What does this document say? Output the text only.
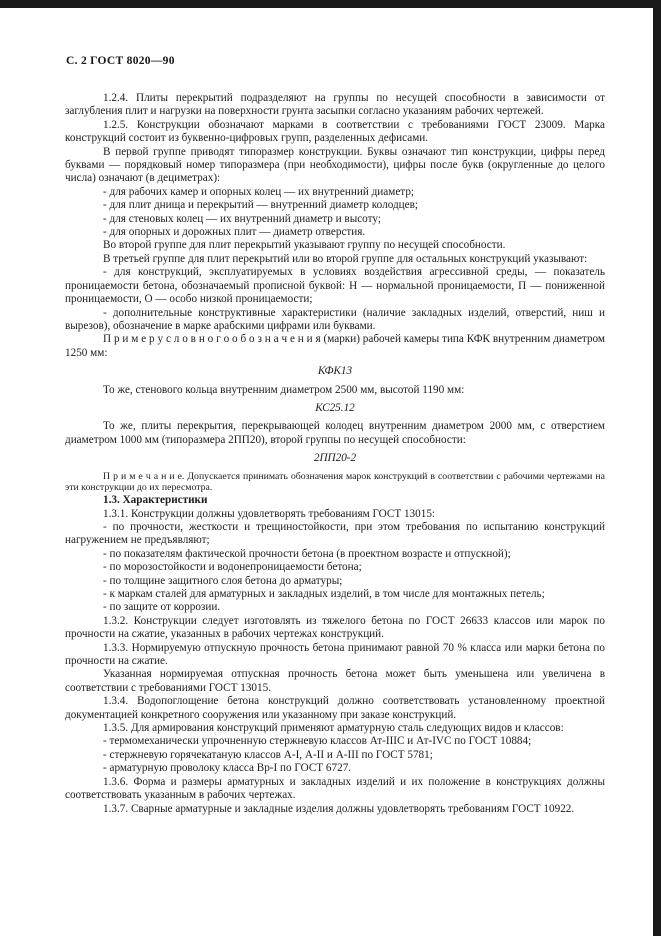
С. 2 ГОСТ 8020—90

1.2.4. Плиты перекрытий подразделяют на группы по несущей способности в зависимости от заглубления плит и нагрузки на поверхности грунта засыпки согласно указаниям рабочих чертежей.

1.2.5. Конструкции обозначают марками в соответствии с требованиями ГОСТ 23009. Марка конструкций состоит из буквенно-цифровых групп, разделенных дефисами.

В первой группе приводят типоразмер конструкции. Буквы означают тип конструкции, цифры перед буквами — порядковый номер типоразмера (при необходимости), цифры после букв (округленные до целого числа) означают (в дециметрах):

- для рабочих камер и опорных колец — их внутренний диаметр;

- для плит днища и перекрытий — внутренний диаметр колодцев;

- для стеновых колец — их внутренний диаметр и высоту;

- для опорных и дорожных плит — диаметр отверстия.

Во второй группе для плит перекрытий указывают группу по несущей способности.

В третьей группе для плит перекрытий или во второй группе для остальных конструкций указывают:

- для конструкций, эксплуатируемых в условиях воздействия агрессивной среды, — показатель проницаемости бетона, обозначаемый прописной буквой: Н — нормальной проницаемости, П — пониженной проницаемости, О — особо низкой проницаемости;

- дополнительные конструктивные характеристики (наличие закладных изделий, отверстий, ниш и вырезов), обозначение в марке арабскими цифрами или буквами.

П р и м е р у с л о в н о г о о б о з н а ч е н и я (марки) рабочей камеры типа КФК внутренним диаметром 1250 мм:

КФК13

То же, стенового кольца внутренним диаметром 2500 мм, высотой 1190 мм:

КС25.12

То же, плиты перекрытия, перекрывающей колодец внутренним диаметром 2000 мм, с отверстием диаметром 1000 мм (типоразмера 2ПП20), второй группы по несущей способности:

2ПП20-2

П р и м е ч а н и е. Допускается принимать обозначения марок конструкций в соответствии с рабочими чертежами на эти конструкции до их пересмотра.

1.3. Характеристики

1.3.1. Конструкции должны удовлетворять требованиям ГОСТ 13015:

- по прочности, жесткости и трещиностойкости, при этом требования по испытанию конструкций нагружением не предъявляют;

- по показателям фактической прочности бетона (в проектном возрасте и отпускной);

- по морозостойкости и водонепроницаемости бетона;

- по толщине защитного слоя бетона до арматуры;

- к маркам сталей для арматурных и закладных изделий, в том числе для монтажных петель;

- по защите от коррозии.

1.3.2. Конструкции следует изготовлять из тяжелого бетона по ГОСТ 26633 классов или марок по прочности на сжатие, указанных в рабочих чертежах конструкций.

1.3.3. Нормируемую отпускную прочность бетона принимают равной 70 % класса или марки бетона по прочности на сжатие.

Указанная нормируемая отпускная прочность бетона может быть уменьшена или увеличена в соответствии с требованиями ГОСТ 13015.

1.3.4. Водопоглощение бетона конструкций должно соответствовать установленному проектной документацией конкретного сооружения или указанному при заказе конструкций.

1.3.5. Для армирования конструкций применяют арматурную сталь следующих видов и классов:

- термомеханически упрочненную стержневую классов Ат-IIIС и Ат-IVС по ГОСТ 10884;

- стержневую горячекатаную классов А-I, А-II и А-III по ГОСТ 5781;

- арматурную проволоку класса Вр-I по ГОСТ 6727.

1.3.6. Форма и размеры арматурных и закладных изделий и их положение в конструкциях должны соответствовать указанным в рабочих чертежах.

1.3.7. Сварные арматурные и закладные изделия должны удовлетворять требованиям ГОСТ 10922.
